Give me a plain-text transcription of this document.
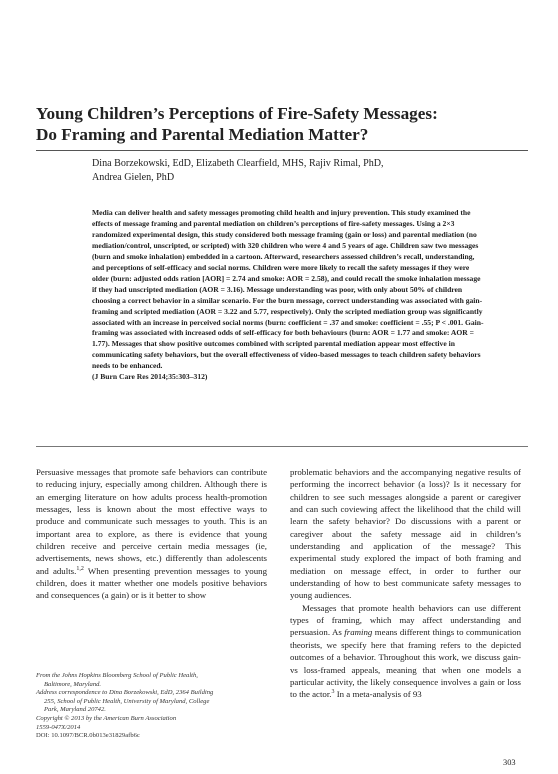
Young Children’s Perceptions of Fire-Safety Messages:
Do Framing and Parental Mediation Matter?
Dina Borzekowski, EdD, Elizabeth Clearfield, MHS, Rajiv Rimal, PhD,
Andrea Gielen, PhD
Media can deliver health and safety messages promoting child health and injury prevention. This study examined the effects of message framing and parental mediation on children’s perceptions of fire-safety messages. Using a 2×3 randomized experimental design, this study considered both message framing (gain or loss) and parental mediation (no mediation/control, unscripted, or scripted) with 320 children who were 4 and 5 years of age. Children saw two messages (burn and smoke inhalation) embedded in a cartoon. Afterward, researchers assessed children’s recall, understanding, and perceptions of self-efficacy and social norms. Children were more likely to recall the safety messages if they were older (burn: adjusted odds ration [AOR] = 2.74 and smoke: AOR = 2.58), and could recall the smoke inhalation message if they had unscripted mediation (AOR = 3.16). Message understanding was poor, with only about 50% of children choosing a correct behavior in a similar scenario. For the burn message, correct understanding was associated with gain-framing and scripted mediation (AOR = 3.22 and 5.77, respectively). Only the scripted mediation group was significantly associated with an increase in perceived social norms (burn: coefficient = .37 and smoke: coefficient = .55; P < .001. Gain-framing was associated with increased odds of self-efficacy for both behaviours (burn: AOR = 1.77 and smoke: AOR = 1.77). Messages that show positive outcomes combined with scripted parental mediation appear most effective in communicating safety behaviors, but the overall effectiveness of video-based messages to teach children safety behaviors needs to be enhanced.
(J Burn Care Res 2014;35:303–312)

Persuasive messages that promote safe behaviors can contribute to reducing injury, especially among children. Although there is an emerging literature on how adults process health-promotion messages, less is known about the most effective ways to produce and communicate such messages to youth. This is an important area to explore, as there is evidence that young children receive and perceive certain media messages (ie, advertisements, news shows, etc.) differently than adolescents and adults.$^{1,2}$ When presenting prevention messages to young children, does it matter whether one models positive behaviors and consequences (a gain) or is it better to show

problematic behaviors and the accompanying negative results of performing the incorrect behavior (a loss)? Is it necessary for children to see such messages alongside a parent or caregiver and can such coviewing affect the likelihood that the child will learn the safety behavior? Do discussions with a parent or caregiver about the safety message aid in children’s understanding and application of the message? This experimental study explored the impact of both framing and mediation on message effect, in order to further our understanding of how to best communicate safety messages to young audiences.

Messages that promote health behaviors can use different types of framing, which may affect understanding and persuasion. As framing means different things to communication theorists, we specify here that framing refers to the depicted outcomes of a behavior. Throughout this work, we discuss gain- vs loss-framed appeals, meaning that when one models a particular activity, the likely consequence involves a gain or loss to the actor.$^3$ In a meta-analysis of 93

From the Johns Hopkins Bloomberg School of Public Health,
Baltimore, Maryland.
Address correspondence to Dina Borzekowski, EdD, 2364 Building
255, School of Public Health, University of Maryland, College
Park, Maryland 20742.
Copyright © 2013 by the American Burn Association
1559-047X/2014
DOI: 10.1097/BCR.0b013e31829afb6c
303
